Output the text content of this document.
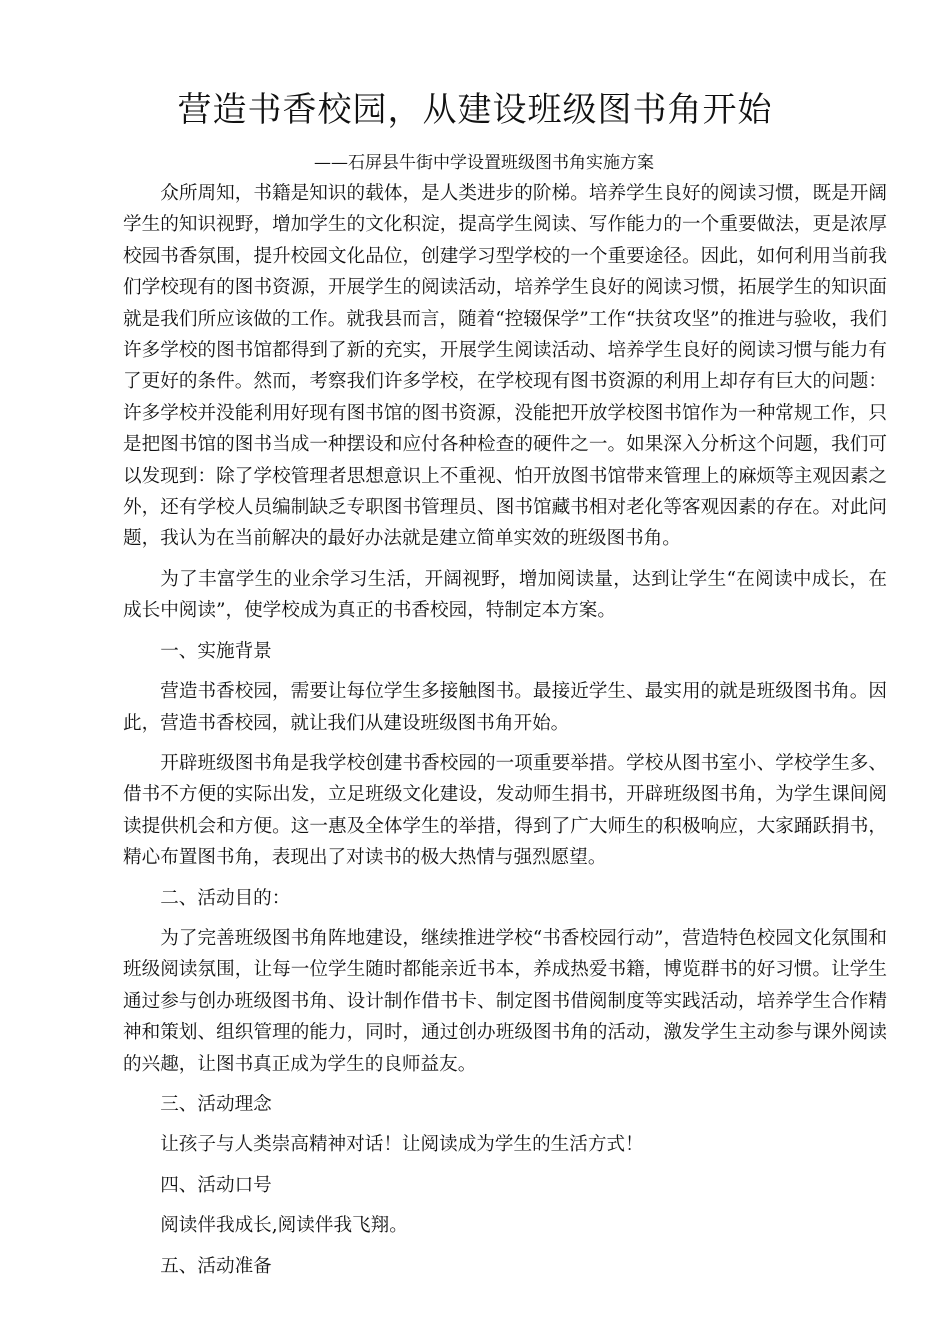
营造书香校园，从建设班级图书角开始
——石屏县牛街中学设置班级图书角实施方案

众所周知，书籍是知识的载体，是人类进步的阶梯。培养学生良好的阅读习惯，既是开阔学生的知识视野，增加学生的文化积淀，提高学生阅读、写作能力的一个重要做法，更是浓厚校园书香氛围，提升校园文化品位，创建学习型学校的一个重要途径。因此，如何利用当前我们学校现有的图书资源，开展学生的阅读活动，培养学生良好的阅读习惯，拓展学生的知识面就是我们所应该做的工作。就我县而言，随着“控辍保学”工作“扶贫攻坚”的推进与验收，我们许多学校的图书馆都得到了新的充实，开展学生阅读活动、培养学生良好的阅读习惯与能力有了更好的条件。然而，考察我们许多学校，在学校现有图书资源的利用上却存有巨大的问题：许多学校并没能利用好现有图书馆的图书资源，没能把开放学校图书馆作为一种常规工作，只是把图书馆的图书当成一种摆设和应付各种检查的硬件之一。如果深入分析这个问题，我们可以发现到：除了学校管理者思想意识上不重视、怕开放图书馆带来管理上的麻烦等主观因素之外，还有学校人员编制缺乏专职图书管理员、图书馆藏书相对老化等客观因素的存在。对此问题，我认为在当前解决的最好办法就是建立简单实效的班级图书角。

为了丰富学生的业余学习生活，开阔视野，增加阅读量，达到让学生“在阅读中成长，在成长中阅读”，使学校成为真正的书香校园，特制定本方案。

一、实施背景

营造书香校园，需要让每位学生多接触图书。最接近学生、最实用的就是班级图书角。因此，营造书香校园，就让我们从建设班级图书角开始。

开辟班级图书角是我学校创建书香校园的一项重要举措。学校从图书室小、学校学生多、借书不方便的实际出发，立足班级文化建设，发动师生捐书，开辟班级图书角，为学生课间阅读提供机会和方便。这一惠及全体学生的举措，得到了广大师生的积极响应，大家踊跃捐书，精心布置图书角，表现出了对读书的极大热情与强烈愿望。

二、活动目的：

为了完善班级图书角阵地建设，继续推进学校“书香校园行动”，营造特色校园文化氛围和班级阅读氛围，让每一位学生随时都能亲近书本，养成热爱书籍，博览群书的好习惯。让学生通过参与创办班级图书角、设计制作借书卡、制定图书借阅制度等实践活动，培养学生合作精神和策划、组织管理的能力，同时，通过创办班级图书角的活动，激发学生主动参与课外阅读的兴趣，让图书真正成为学生的良师益友。

三、活动理念

让孩子与人类崇高精神对话！让阅读成为学生的生活方式！

四、活动口号

阅读伴我成长,阅读伴我飞翔。

五、活动准备
